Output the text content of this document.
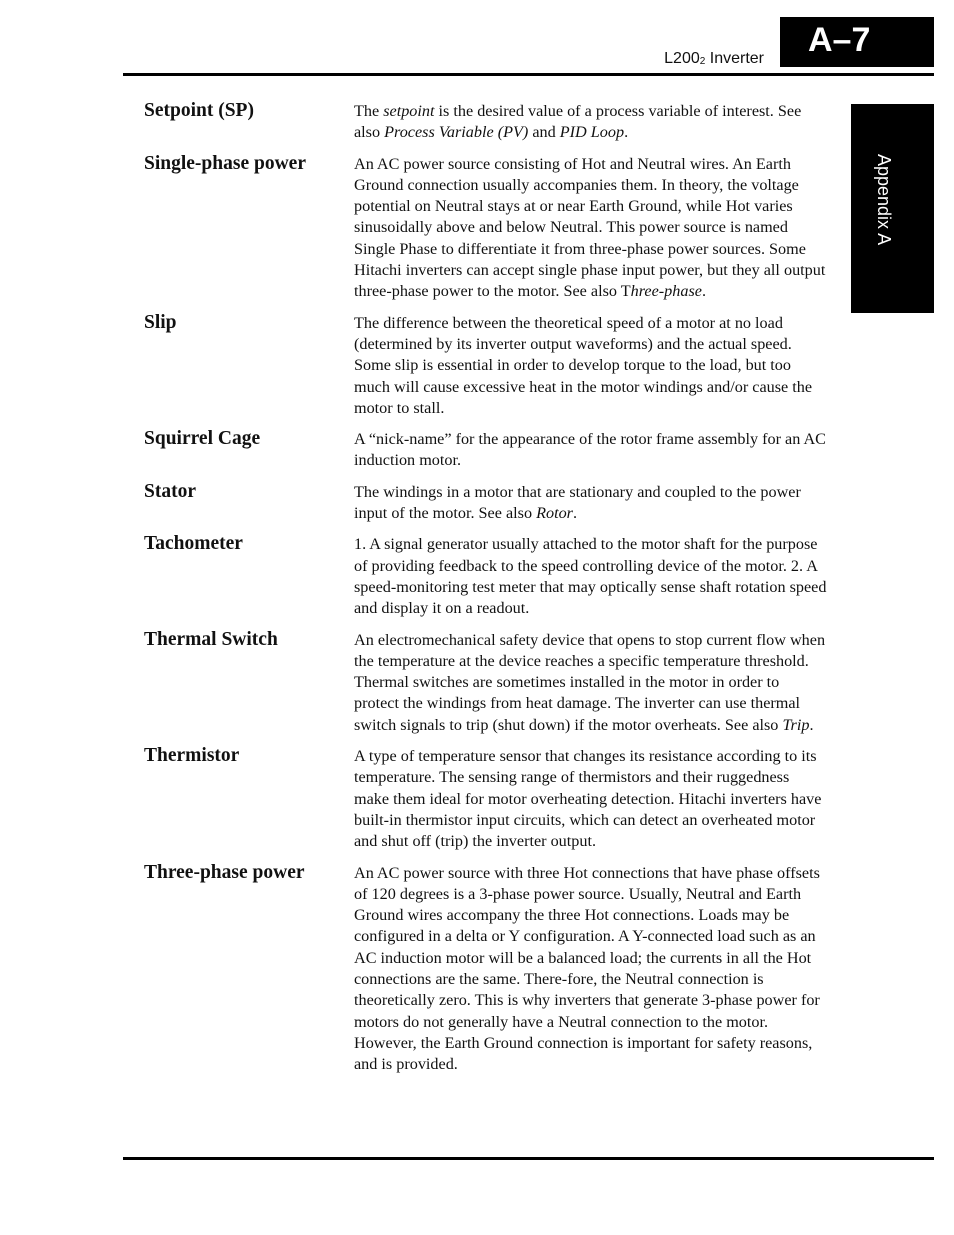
$L200_2$ Inverter	A–7
Appendix A
Setpoint (SP)	The setpoint is the desired value of a process variable of interest. See also Process Variable (PV) and PID Loop.
Single-phase power	An AC power source consisting of Hot and Neutral wires. An Earth Ground connection usually accompanies them. In theory, the voltage potential on Neutral stays at or near Earth Ground, while Hot varies sinusoidally above and below Neutral. This power source is named Single Phase to differentiate it from three-phase power sources. Some Hitachi inverters can accept single phase input power, but they all output three-phase power to the motor. See also Three-phase.
Slip	The difference between the theoretical speed of a motor at no load (determined by its inverter output waveforms) and the actual speed. Some slip is essential in order to develop torque to the load, but too much will cause excessive heat in the motor windings and/or cause the motor to stall.
Squirrel Cage	A “nick-name” for the appearance of the rotor frame assembly for an AC induction motor.
Stator	The windings in a motor that are stationary and coupled to the power input of the motor. See also Rotor.
Tachometer	1. A signal generator usually attached to the motor shaft for the purpose of providing feedback to the speed controlling device of the motor. 2. A speed-monitoring test meter that may optically sense shaft rotation speed and display it on a readout.
Thermal Switch	An electromechanical safety device that opens to stop current flow when the temperature at the device reaches a specific temperature threshold. Thermal switches are sometimes installed in the motor in order to protect the windings from heat damage. The inverter can use thermal switch signals to trip (shut down) if the motor overheats. See also Trip.
Thermistor	A type of temperature sensor that changes its resistance according to its temperature. The sensing range of thermistors and their ruggedness make them ideal for motor overheating detection. Hitachi inverters have built-in thermistor input circuits, which can detect an overheated motor and shut off (trip) the inverter output.
Three-phase power	An AC power source with three Hot connections that have phase offsets of 120 degrees is a 3-phase power source. Usually, Neutral and Earth Ground wires accompany the three Hot connections. Loads may be configured in a delta or Y configuration. A Y-connected load such as an AC induction motor will be a balanced load; the currents in all the Hot connections are the same. There-fore, the Neutral connection is theoretically zero. This is why inverters that generate 3-phase power for motors do not generally have a Neutral connection to the motor. However, the Earth Ground connection is important for safety reasons, and is provided.
